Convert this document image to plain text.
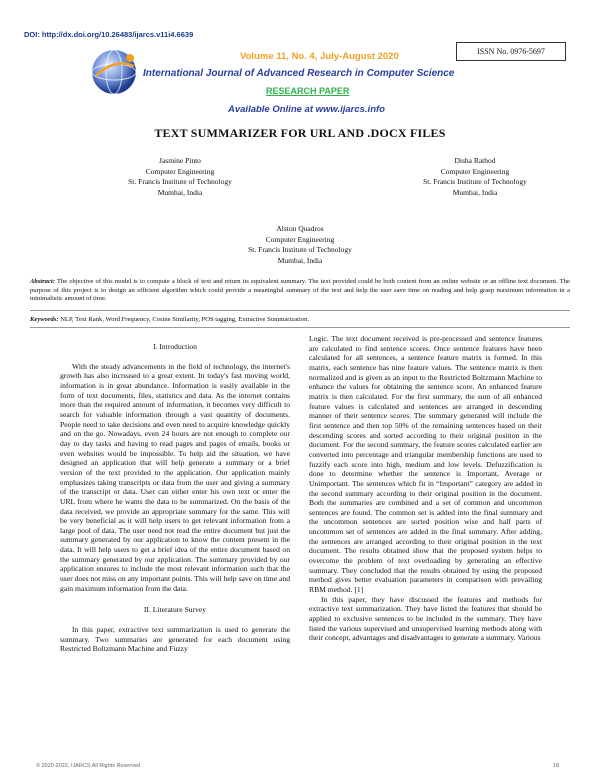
DOI: http://dx.doi.org/10.26483/ijarcs.v11i4.6639
ISSN No. 0976-5697
Volume 11, No. 4, July-August 2020
International Journal of Advanced Research in Computer Science
RESEARCH PAPER
Available Online at www.ijarcs.info
TEXT SUMMARIZER FOR URL AND .DOCX FILES
Jasmine Pinto
Computer Engineering
St. Francis Institute of Technology
Mumbai, India
Disha Rathod
Computer Engineering
St. Francis Institute of Technology
Mumbai, India
Alston Quadros
Computer Engineering
St. Francis Institute of Technology
Mumbai, India
Abstract: The objective of this model is to compute a block of text and return its equivalent summary. The text provided could be both content from an online website or an offline text document. The purpose of this project is to design an efficient algorithm which could provide a meaningful summary of the text and help the user save time on reading and help grasp maximum information in a minimalistic amount of time.
Keywords: NLP, Text Rank, Word Frequency, Cosine Similarity, POS tagging, Extractive Summarization.
I. Introduction

With the steady advancements in the field of technology, the internet's growth has also increased to a great extent. In today's fast moving world, information is in great abundance. Information is easily available in the form of text documents, files, statistics and data. As the internet contains more than the required amount of information, it becomes very difficult to search for valuable information through a vast quantity of documents. People need to take decisions and even need to acquire knowledge quickly and on the go. Nowadays, even 24 hours are not enough to complete our day to day tasks and having to read pages and pages of emails, books or even websites would be impossible. To help aid the situation, we have designed an application that will help generate a summary or a brief version of the text provided to the application. Our application mainly emphasizes taking transcripts or data from the user and giving a summary of the transcript or data. User can either enter his own text or enter the URL from where he wants the data to be summarized. On the basis of the data received, we provide an appropriate summary for the same. This will be very beneficial as it will help users to get relevant information from a large pool of data. The user need not read the entire document but just the summary generated by our application to know the content present in the data. It will help users to get a brief idea of the entire document based on the summary generated by our application. The summary provided by our application ensures to include the most relevant information such that the user does not miss on any important points. This will help save on time and gain maximum information from the data.

II. Literature Survey

In this paper, extractive text summarization is used to generate the summary. Two summaries are generated for each document using Restricted Boltzmann Machine and Fuzzy

Logic. The text document received is pre-processed and sentence features are calculated to find sentence scores. Once sentence features have been calculated for all sentences, a sentence feature matrix is formed. In this matrix, each sentence has nine feature values. The sentence matrix is then normalized and is given as an input to the Restricted Boltzmann Machine to enhance the values for obtaining the sentence score. An enhanced feature matrix is then calculated. For the first summary, the sum of all enhanced feature values is calculated and sentences are arranged in descending manner of their sentence scores. The summary generated will include the first sentence and then top 50% of the remaining sentences based on their descending scores and sorted according to their original position in the document. For the second summary, the feature scores calculated earlier are converted into percentage and triangular membership functions are used to fuzzify each score into high, medium and low levels. Defuzzification is done to determine whether the sentence is Important, Average or Unimportant. The sentences which fit in “Important” category are added in the second summary according to their original position in the document. Both the summaries are combined and a set of common and uncommon sentences are found. The common set is added into the final summary and the uncommon sentences are sorted position wise and half parts of uncommon set of sentences are added in the final summary. After adding, the sentences are arranged according to their original position in the text document. The results obtained show that the proposed system helps to overcome the problem of text overloading by generating an effective summary. They concluded that the results obtained by using the proposed method gives better evaluation parameters in comparison with prevailing RBM method. [1]

In this paper, they have discussed the features and methods for extractive text summarization. They have listed the features that should be applied to exclusive sentences to be included in the summary. They have listed the various supervised and unsupervised learning methods along with their concept, advantages and disadvantages to generate a summary. Various

© 2020-2022, IJARCS All Rights Reserved	18
